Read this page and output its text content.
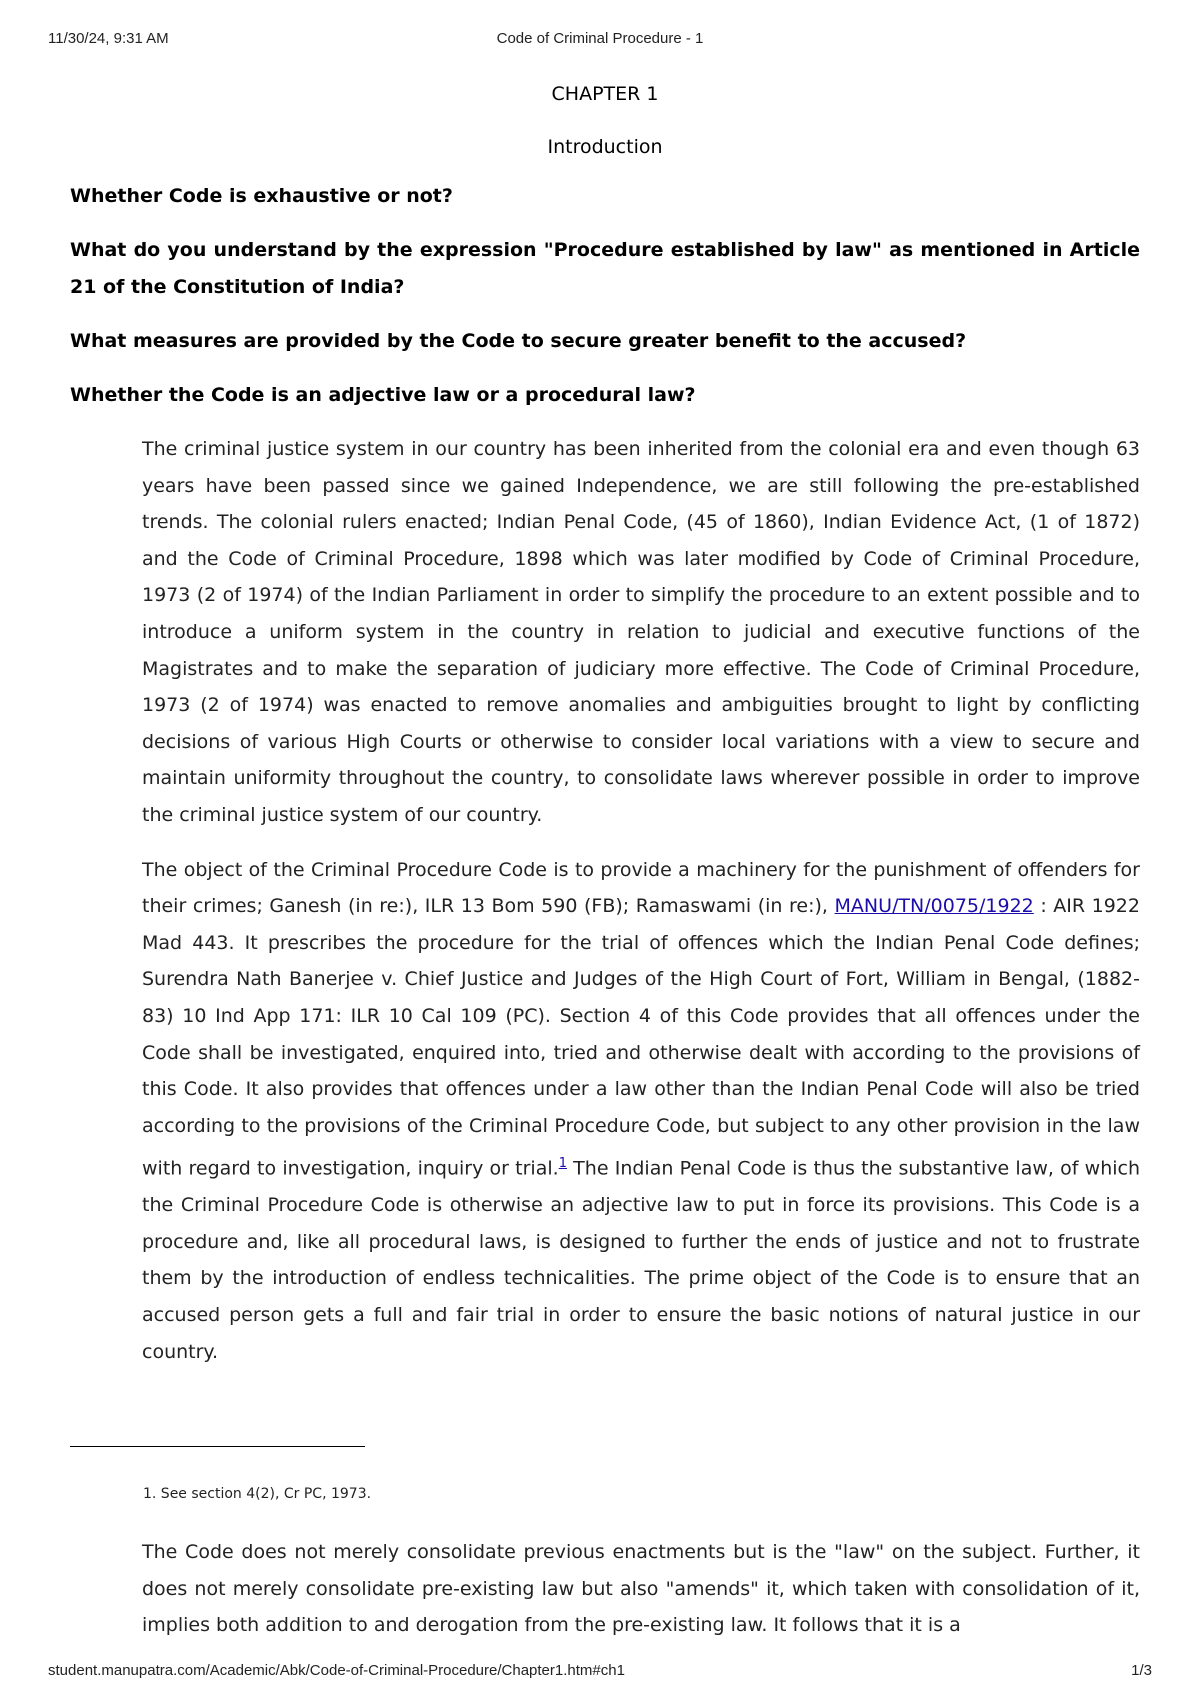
11/30/24, 9:31 AM	Code of Criminal Procedure - 1

CHAPTER 1

Introduction

Whether Code is exhaustive or not?

What do you understand by the expression "Procedure established by law" as mentioned in Article 21 of the Constitution of India?

What measures are provided by the Code to secure greater benefit to the accused?

Whether the Code is an adjective law or a procedural law?

The criminal justice system in our country has been inherited from the colonial era and even though 63 years have been passed since we gained Independence, we are still following the pre-established trends. The colonial rulers enacted; Indian Penal Code, (45 of 1860), Indian Evidence Act, (1 of 1872) and the Code of Criminal Procedure, 1898 which was later modified by Code of Criminal Procedure, 1973 (2 of 1974) of the Indian Parliament in order to simplify the procedure to an extent possible and to introduce a uniform system in the country in relation to judicial and executive functions of the Magistrates and to make the separation of judiciary more effective. The Code of Criminal Procedure, 1973 (2 of 1974) was enacted to remove anomalies and ambiguities brought to light by conflicting decisions of various High Courts or otherwise to consider local variations with a view to secure and maintain uniformity throughout the country, to consolidate laws wherever possible in order to improve the criminal justice system of our country.

The object of the Criminal Procedure Code is to provide a machinery for the punishment of offenders for their crimes; Ganesh (in re:), ILR 13 Bom 590 (FB); Ramaswami (in re:), MANU/TN/0075/1922 : AIR 1922 Mad 443. It prescribes the procedure for the trial of offences which the Indian Penal Code defines; Surendra Nath Banerjee v. Chief Justice and Judges of the High Court of Fort, William in Bengal, (1882-83) 10 Ind App 171: ILR 10 Cal 109 (PC). Section 4 of this Code provides that all offences under the Code shall be investigated, enquired into, tried and otherwise dealt with according to the provisions of this Code. It also provides that offences under a law other than the Indian Penal Code will also be tried according to the provisions of the Criminal Procedure Code, but subject to any other provision in the law with regard to investigation, inquiry or trial.$^1$ The Indian Penal Code is thus the substantive law, of which the Criminal Procedure Code is otherwise an adjective law to put in force its provisions. This Code is a procedure and, like all procedural laws, is designed to further the ends of justice and not to frustrate them by the introduction of endless technicalities. The prime object of the Code is to ensure that an accused person gets a full and fair trial in order to ensure the basic notions of natural justice in our country.

1. See section 4(2), Cr PC, 1973.

The Code does not merely consolidate previous enactments but is the "law" on the subject. Further, it does not merely consolidate pre-existing law but also "amends" it, which taken with consolidation of it, implies both addition to and derogation from the pre-existing law. It follows that it is a

student.manupatra.com/Academic/Abk/Code-of-Criminal-Procedure/Chapter1.htm#ch1	1/3
